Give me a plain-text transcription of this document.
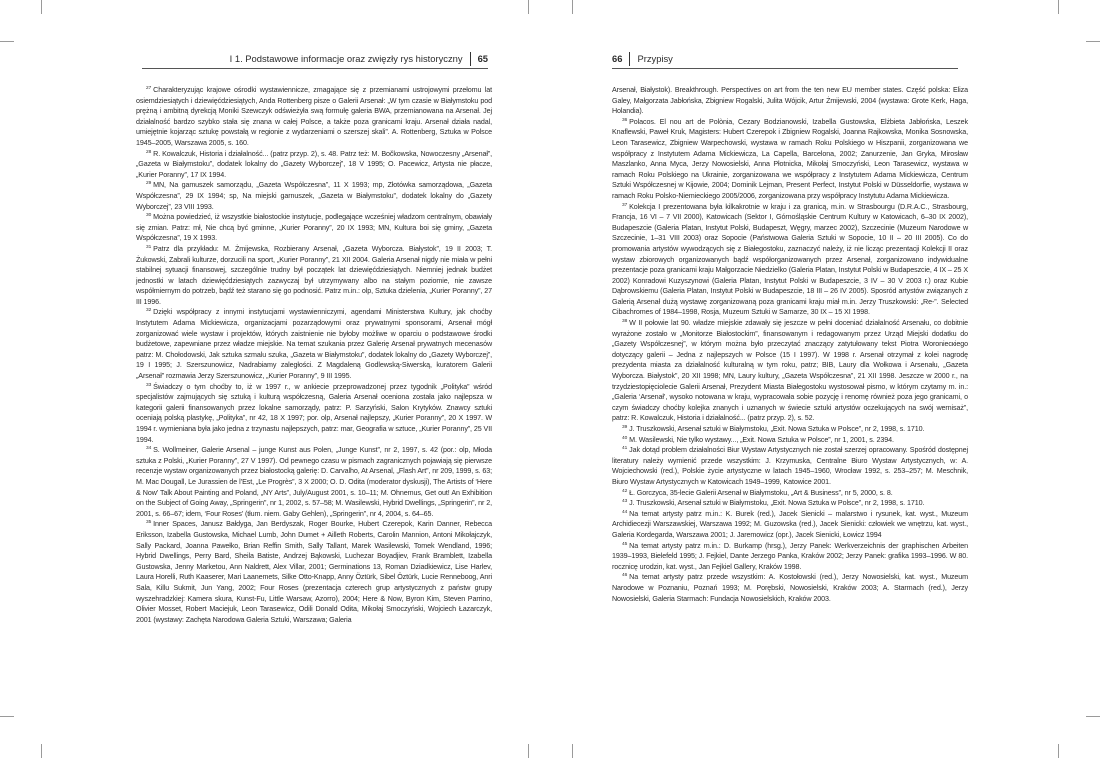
I 1. Podstawowe informacje oraz zwięzły rys historyczny 65

$^{27}$ Charakteryzując krajowe ośrodki wystawiennicze, zmagające się z przemianami ustrojowymi przełomu lat osiemdziesiątych i dziewięćdziesiątych, Anda Rottenberg pisze o Galerii Arsenał: „W tym czasie w Białymstoku pod prężną i ambitną dyrekcją Moniki Szewczyk odświeżyła swą formułę galeria BWA, przemianowana na Arsenał. Jej działalność bardzo szybko stała się znana w całej Polsce, a także poza granicami kraju. Arsenał działa nadal, umiejętnie kojarząc sztukę powstałą w regionie z wydarzeniami o szerszej skali”. A. Rottenberg, Sztuka w Polsce 1945–2005, Warszawa 2005, s. 160.

$^{28}$ R. Kowalczuk, Historia i działalność... (patrz przyp. 2), s. 48. Patrz też: M. Bočkowska, Nowoczesny „Arsenał”, „Gazeta w Białymstoku”, dodatek lokalny do „Gazety Wyborczej”, 18 V 1995; O. Pacewicz, Artysta nie płacze, „Kurier Poranny”, 17 IX 1994.

$^{29}$ MN, Na gamuszek samorządu, „Gazeta Współczesna”, 11 X 1993; mp, Złotówka samorządowa, „Gazeta Współczesna”, 29 IX 1994; sp, Na miejski garnuszek, „Gazeta w Białymstoku”, dodatek lokalny do „Gazety Wyborczej”, 23 VIII 1993.

$^{30}$ Można powiedzieć, iż wszystkie białostockie instytucje, podlegające wcześniej władzom centralnym, obawiały się zmian. Patrz: mł, Nie chcą być gminne, „Kurier Poranny”, 20 IX 1993; MN, Kultura boi się gminy, „Gazeta Współczesna”, 19 X 1993.

$^{31}$ Patrz dla przykładu: M. Żmijewska, Rozbierany Arsenał, „Gazeta Wyborcza. Białystok”, 19 II 2003; T. Żukowski, Zabrali kulturze, dorzucili na sport, „Kurier Poranny”, 21 XII 2004. Galeria Arsenał nigdy nie miała w pełni stabilnej sytuacji finansowej, szczególnie trudny był początek lat dziewięćdziesiątych. Niemniej jednak budżet jednostki w latach dziewięćdziesiątych zazwyczaj był utrzymywany albo na stałym poziomie, nie zawsze współmiernym do potrzeb, bądź też starano się go podnosić. Patrz m.in.: olp, Sztuka dzielenia, „Kurier Poranny”, 27 III 1996.

$^{32}$ Dzięki współpracy z innymi instytucjami wystawienniczymi, agendami Ministerstwa Kultury, jak choćby Instytutem Adama Mickiewicza, organizacjami pozarządowymi oraz prywatnymi sponsorami, Arsenał mógł zorganizować wiele wystaw i projektów, których zaistnienie nie byłoby możliwe w oparciu o podstawowe środki budżetowe, zapewniane przez władze miejskie. Na temat szukania przez Galerię Arsenał prywatnych mecenasów patrz: M. Chołodowski, Jak sztuka szmalu szuka, „Gazeta w Białymstoku”, dodatek lokalny do „Gazety Wyborczej”, 19 I 1995; J. Szerszunowicz, Nadrabiamy zaległości. Z Magdaleną Godlewską-Siwerską, kuratorem Galerii „Arsenał” rozmawia Jerzy Szerszunowicz, „Kurier Poranny”, 9 III 1995.

$^{33}$ Świadczy o tym choćby to, iż w 1997 r., w ankiecie przeprowadzonej przez tygodnik „Polityka” wśród specjalistów zajmujących się sztuką i kulturą współczesną, Galeria Arsenał oceniona została jako najlepsza w kategorii galerii finansowanych przez lokalne samorządy, patrz: P. Sarzyński, Salon Krytyków. Znawcy sztuki oceniają polską plastykę, „Polityka”, nr 42, 18 X 1997; por. olp, Arsenał najlepszy, „Kurier Poranny”, 20 X 1997. W 1994 r. wymieniana była jako jedna z trzynastu najlepszych, patrz: mar, Geografia w sztuce, „Kurier Poranny”, 25 VII 1994.

$^{34}$ S. Wollmeiner, Galerie Arsenal – junge Kunst aus Polen, „Junge Kunst”, nr 2, 1997, s. 42 (por.: olp, Młoda sztuka z Polski, „Kurier Poranny”, 27 V 1997). Od pewnego czasu w pismach zagranicznych pojawiają się pierwsze recenzje wystaw organizowanych przez białostocką galerię: D. Carvalho, At Arsenal, „Flash Art”, nr 209, 1999, s. 63; M. Mac Dougall, Le Jurassien de l’Est, „Le Progrès”, 3 X 2000; O. D. Odita (moderator dyskusji), The Artists of ‘Here & Now’ Talk About Painting and Poland, „NY Arts”, July/August 2001, s. 10–11; M. Ohnemus, Get out! An Exhibition on the Subject of Going Away, „Springerin”, nr 1, 2002, s. 57–58; M. Wasilewski, Hybrid Dwellings, „Springerin”, nr 2, 2001, s. 66–67; idem, ‘Four Roses’ (tłum. niem. Gaby Gehlen), „Springerin”, nr 4, 2004, s. 64–65.

$^{35}$ Inner Spaces, Janusz Bałdyga, Jan Berdyszak, Roger Bourke, Hubert Czerepok, Karin Danner, Rebecca Eriksson, Izabella Gustowska, Michael Lumb, John Dumet + Ailleth Roberts, Carolin Mannion, Antoni Mikołajczyk, Sally Packard, Joanna Pawełko, Brian Reffin Smith, Sally Tallant, Marek Wasilewski, Tomek Wendland, 1996; Hybrid Dwellings, Perry Bard, Sheila Batiste, Andrzej Bąkowski, Luchezar Boyadjiev, Frank Bramblett, Izabella Gustowska, Jenny Marketou, Ann Naldrett, Alex Villar, 2001; Germinations 13, Roman Dziadkiewicz, Lise Harlev, Laura Horelli, Ruth Kaaserer, Mari Laanemets, Silke Otto-Knapp, Anny Öztürk, Sibel Öztürk, Lucie Renneboog, Anri Sala, Killu Sukmit, Jun Yang, 2002; Four Roses (prezentacja czterech grup artystycznych z państw grupy wyszehradzkiej: Kamera skura, Kunst-Fu, Little Warsaw, Azorro), 2004; Here & Now, Byron Kim, Steven Parrino, Olivier Mosset, Robert Maciejuk, Leon Tarasewicz, Odili Donald Odita, Mikołaj Smoczyński, Wojciech Łazarczyk, 2001 (wystawy: Zachęta Narodowa Galeria Sztuki, Warszawa; Galeria

66 Przypisy

Arsenał, Białystok). Breakthrough. Perspectives on art from the ten new EU member states. Część polska: Eliza Galey, Małgorzata Jabłońska, Zbigniew Rogalski, Julita Wójcik, Artur Żmijewski, 2004 (wystawa: Grote Kerk, Haga, Holandia).

$^{36}$ Polacos. El nou art de Polònia, Cezary Bodzianowski, Izabella Gustowska, Elżbieta Jabłońska, Leszek Knaflewski, Paweł Kruk, Magisters: Hubert Czerepok i Zbigniew Rogalski, Joanna Rajkowska, Monika Sosnowska, Leon Tarasewicz, Zbigniew Warpechowski, wystawa w ramach Roku Polskiego w Hiszpanii, zorganizowana we współpracy z Instytutem Adama Mickiewicza, La Capella, Barcelona, 2002; Zanurzenie, Jan Gryka, Mirosław Maszlanko, Anna Myca, Jerzy Nowosielski, Anna Płotnicka, Mikołaj Smoczyński, Leon Tarasewicz, wystawa w ramach Roku Polskiego na Ukrainie, zorganizowana we współpracy z Instytutem Adama Mickiewicza, Centrum Sztuki Współczesnej w Kijowie, 2004; Dominik Lejman, Present Perfect, Instytut Polski w Düsseldorfie, wystawa w ramach Roku Polsko-Niemieckiego 2005/2006, zorganizowana przy współpracy Instytutu Adama Mickiewicza.

$^{37}$ Kolekcja I prezentowana była kilkakrotnie w kraju i za granicą, m.in. w Strasbourgu (D.R.A.C., Strasbourg, Francja, 16 VI – 7 VII 2000), Katowicach (Sektor I, Górnośląskie Centrum Kultury w Katowicach, 6–30 IX 2002), Budapeszcie (Galeria Platan, Instytut Polski, Budapeszt, Węgry, marzec 2002), Szczecinie (Muzeum Narodowe w Szczecinie, 1–31 VIII 2003) oraz Sopocie (Państwowa Galeria Sztuki w Sopocie, 10 II – 20 III 2005). Co do promowania artystów wywodzących się z Białegostoku, zaznaczyć należy, iż nie licząc prezentacji Kolekcji II oraz wystaw zbiorowych organizowanych bądź współorganizowanych przez Arsenał, zorganizowano indywidualne prezentacje poza granicami kraju Małgorzacie Niedzielko (Galeria Platan, Instytut Polski w Budapeszcie, 4 IX – 25 X 2002) Konradowi Kuzyszynowi (Galeria Platan, Instytut Polski w Budapeszcie, 3 IV – 30 V 2003 r.) oraz Kubie Dąbrowskiemu (Galeria Platan, Instytut Polski w Budapeszcie, 18 III – 26 IV 2005). Sposród artystów związanych z Galerią Arsenał dużą wystawę zorganizowaną poza granicami kraju miał m.in. Jerzy Truszkowski: „Re-”. Selected Cibachromes of 1984–1998, Rosja, Muzeum Sztuki w Samarze, 30 IX – 15 XI 1998.

$^{38}$ W II połowie lat 90. władze miejskie zdawały się jeszcze w pełni doceniać działalność Arsenału, co dobitnie wyrażone zostało w „Monitorze Białostockim”, finansowanym i redagowanym przez Urząd Miejski dodatku do „Gazety Współczesnej”, w którym można było przeczytać znaczący zatytułowany tekst Piotra Woroniecкiego dotyczący galerii – Jedna z najlepszych w Polsce (15 I 1997). W 1998 r. Arsenał otrzymał z kolei nagrodę prezydenta miasta za działalność kulturalną w tym roku, patrz; BIB, Laury dla Wołkowa i Arsenału, „Gazeta Wyborcza. Białystok”, 20 XII 1998; MN, Laury kultury, „Gazeta Współczesna”, 21 XII 1998. Jeszcze w 2000 r., na trzydziestopięciolecie Galerii Arsenał, Prezydent Miasta Białegostoku wystosował pismo, w którym czytamy m. in.: „Galeria ‘Arsenał’, wysoko notowana w kraju, wypracowała sobie pozycję i renomę również poza jego granicami, o czym świadczy choćby kolejka znanych i uznanych w świecie sztuki artystów oczekujących na swój wernisaż”, patrz: R. Kowalczuk, Historia i działalność... (patrz przyp. 2), s. 52.

$^{39}$ J. Truszkowski, Arsenał sztuki w Białymstoku, „Exit. Nowa Sztuka w Polsce”, nr 2, 1998, s. 1710.

$^{40}$ M. Wasilewski, Nie tylko wystawy..., „Exit. Nowa Sztuka w Polsce”, nr 1, 2001, s. 2394.

$^{41}$ Jak dotąd problem działalności Biur Wystaw Artystycznych nie został szerzej opracowany. Spośród dostępnej literatury należy wymienić przede wszystkim: J. Krzymuska, Centralne Biuro Wystaw Artystycznych, w: A. Wojciechowski (red.), Polskie życie artystyczne w latach 1945–1960, Wrocław 1992, s. 253–257; M. Meschnik, Biuro Wystaw Artystycznych w Katowicach 1949–1999, Katowice 2001.

$^{42}$ Ł. Gorczyca, 35-lecie Galerii Arsenał w Białymstoku, „Art & Business”, nr 5, 2000, s. 8.

$^{43}$ J. Truszkowski, Arsenał sztuki w Białymstoku, „Exit. Nowa Sztuka w Polsce”, nr 2, 1998, s. 1710.

$^{44}$ Na temat artysty patrz m.in.: K. Burek (red.), Jacek Sienicki – malarstwo i rysunek, kat. wyst., Muzeum Archidiecezji Warszawskiej, Warszawa 1992; M. Guzowska (red.), Jacek Sienicki: człowiek we wnętrzu, kat. wyst., Galeria Kordegarda, Warszawa 2001; J. Jaremowicz (opr.), Jacek Sienicki, Łowicz 1994

$^{45}$ Na temat artysty patrz m.in.: D. Burkamp (hrsg.), Jerzy Panek: Werkverzeichnis der graphischen Arbeiten 1939–1993, Bielefeld 1995; J. Fejkiel, Dante Jerzego Panka, Kraków 2002; Jerzy Panek: grafika 1993–1996. W 80. rocznicę urodzin, kat. wyst., Jan Fejkiel Gallery, Kraków 1998.

$^{46}$ Na temat artysty patrz przede wszystkim: A. Kostołowski (red.), Jerzy Nowosielski, kat. wyst., Muzeum Narodowe w Poznaniu, Poznań 1993; M. Porębski, Nowosielski, Kraków 2003; A. Starmach (red.), Jerzy Nowosielski, Galeria Starmach: Fundacja Nowosielskich, Kraków 2003.
